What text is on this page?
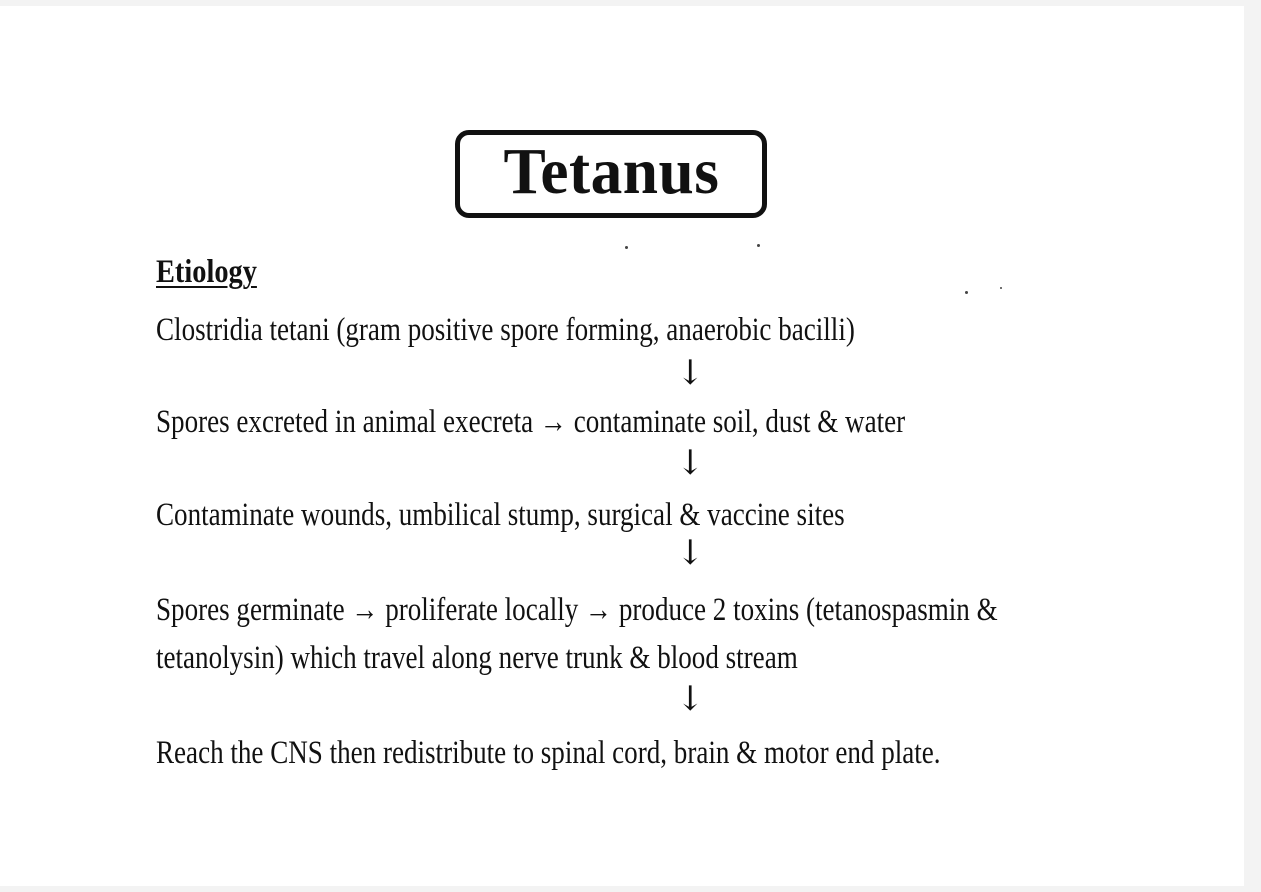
Tetanus
Etiology
Clostridia tetani (gram positive spore forming, anaerobic bacilli)
↓
Spores excreted in animal execreta → contaminate soil, dust & water
↓
Contaminate wounds, umbilical stump, surgical & vaccine sites
↓
Spores germinate → proliferate locally → produce 2 toxins (tetanospasmin &
tetanolysin) which travel along nerve trunk & blood stream
↓
Reach the CNS then redistribute to spinal cord, brain & motor end plate.
